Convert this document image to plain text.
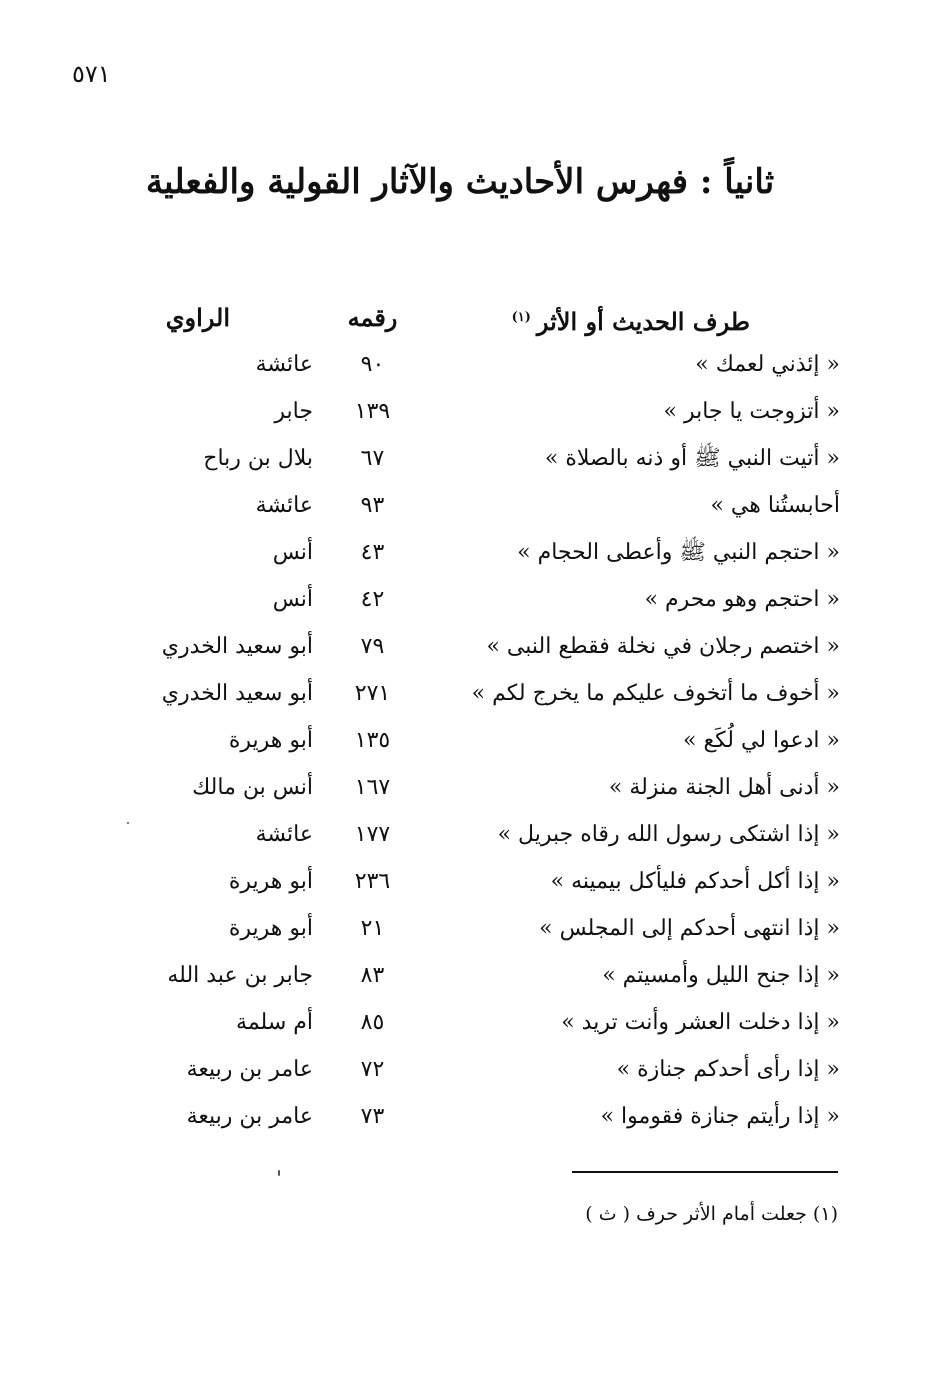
٥٧١
ثانياً : فهرس الأحاديث والآثار القولية والفعلية
طرف الحديث أو الأثر$^{(١)}$
رقمه
الراوي
« إئذني لعمك »
٩٠
عائشة
« أتزوجت يا جابر »
١٣٩
جابر
« أتيت النبي ﷺ أو ذنه بالصلاة »
٦٧
بلال بن رباح
أحابستُنا هي »
٩٣
عائشة
« احتجم النبي ﷺ وأعطى الحجام »
٤٣
أنس
« احتجم وهو محرم »
٤٢
أنس
« اختصم رجلان في نخلة فقطع النبى »
٧٩
أبو سعيد الخدري
« أخوف ما أتخوف عليكم ما يخرج لكم »
٢٧١
أبو سعيد الخدري
« ادعوا لي لُكَع »
١٣٥
أبو هريرة
« أدنى أهل الجنة منزلة »
١٦٧
أنس بن مالك
« إذا اشتكى رسول الله رقاه جبريل »
١٧٧
عائشة
« إذا أكل أحدكم فليأكل بيمينه »
٢٣٦
أبو هريرة
« إذا انتهى أحدكم إلى المجلس »
٢١
أبو هريرة
« إذا جنح الليل وأمسيتم »
٨٣
جابر بن عبد الله
« إذا دخلت العشر وأنت تريد »
٨٥
أم سلمة
« إذا رأى أحدكم جنازة »
٧٢
عامر بن ربيعة
« إذا رأيتم جنازة فقوموا »
٧٣
عامر بن ربيعة
(١) جعلت أمام الأثر حرف ( ث )
